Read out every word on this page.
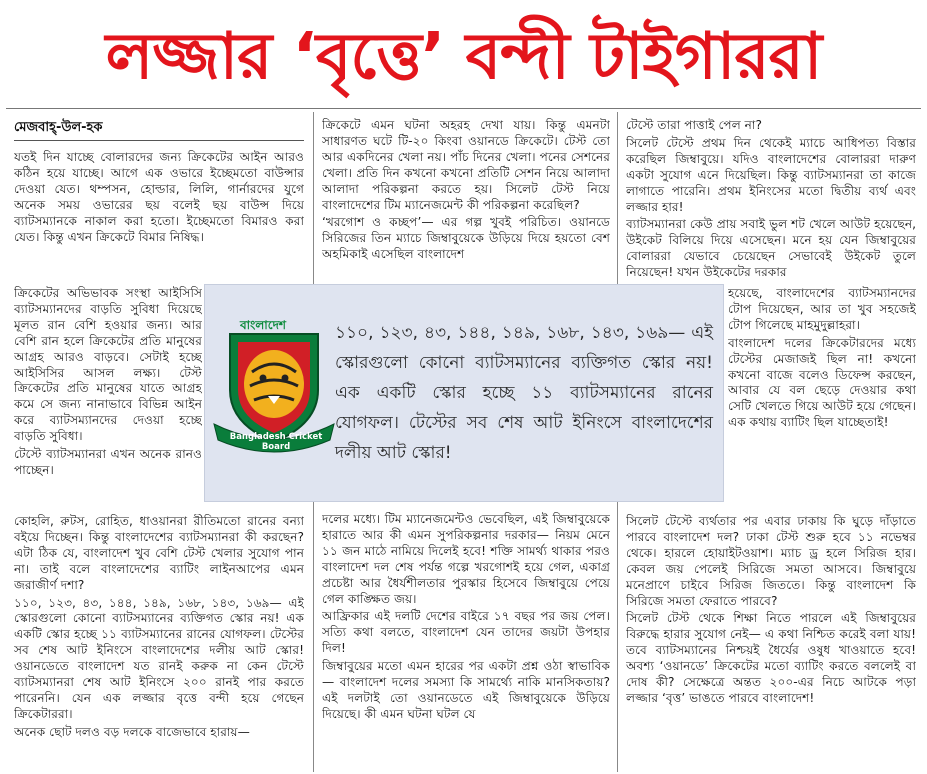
লজ্জার ‘বৃত্তে’ বন্দী টাইগাররা
মেজবাহ্-উল-হক

যতই দিন যাচ্ছে বোলারদের জন্য ক্রিকেটের আইন আরও কঠিন হয়ে যাচ্ছে। আগে এক ওভারে ইচ্ছেমতো বাউন্সার দেওয়া যেত। থম্পসন, হোল্ডার, লিলি, গার্নারদের যুগে অনেক সময় ওভারের ছয় বলেই ছয় বাউন্স দিয়ে ব্যাটসম্যানকে নাকাল করা হতো। ইচ্ছেমতো বিমারও করা যেত। কিন্তু এখন ক্রিকেটে বিমার নিষিদ্ধ।

ক্রিকেটের অভিভাবক সংস্থা আইসিসি ব্যাটসম্যানদের বাড়তি সুবিধা দিয়েছে মূলত রান বেশি হওয়ার জন্য। আর বেশি রান হলে ক্রিকেটের প্রতি মানুষের আগ্রহ আরও বাড়বে। সেটাই হচ্ছে আইসিসির আসল লক্ষ্য। টেস্ট ক্রিকেটের প্রতি মানুষের যাতে আগ্রহ কমে সে জন্য নানাভাবে বিভিন্ন আইন করে ব্যাটসম্যানদের দেওয়া হচ্ছে বাড়তি সুবিধা।

টেস্টে ব্যাটসম্যানরা এখন অনেক রানও পাচ্ছেন।

কোহলি, রুটস, রোহিত, ধাওয়ানরা রীতিমতো রানের বন্যা বইয়ে দিচ্ছেন। কিন্তু বাংলাদেশের ব্যাটসম্যানরা কী করছেন? এটা ঠিক যে, বাংলাদেশ খুব বেশি টেস্ট খেলার সুযোগ পান না। তাই বলে বাংলাদেশের ব্যাটিং লাইনআপের এমন জরাজীর্ণ দশা?

১১০, ১২৩, ৪৩, ১৪৪, ১৪৯, ১৬৮, ১৪৩, ১৬৯— এই স্কোরগুলো কোনো ব্যাটসম্যানের ব্যক্তিগত স্কোর নয়! এক একটি স্কোর হচ্ছে ১১ ব্যাটসম্যানের রানের যোগফল। টেস্টের সব শেষ আট ইনিংসে বাংলাদেশের দলীয় আট স্কোর! ওয়ানডেতে বাংলাদেশ যত রানই করুক না কেন টেস্টে ব্যাটসম্যানরা শেষ আট ইনিংসে ২০০ রানই পার করতে পারেননি। যেন এক লজ্জার বৃত্তে বন্দী হয়ে গেছেন ক্রিকেটাররা।

অনেক ছোট দলও বড় দলকে বাজেভাবে হারায়—

ক্রিকেটে এমন ঘটনা অহরহ দেখা যায়। কিন্তু এমনটা সাধারণত ঘটে টি-২০ কিংবা ওয়ানডে ক্রিকেটে। টেস্ট তো আর একদিনের খেলা নয়। পাঁচ দিনের খেলা। পনের সেশনের খেলা। প্রতি দিন কখনো কখনো প্রতিটি সেশন নিয়ে আলাদা আলাদা পরিকল্পনা করতে হয়। সিলেট টেস্ট নিয়ে বাংলাদেশের টিম ম্যানেজমেন্ট কী পরিকল্পনা করেছিল?

‘খরগোশ ও কচ্ছপ’— এর গল্প খুবই পরিচিত। ওয়ানডে সিরিজের তিন ম্যাচে জিম্বাবুয়েকে উড়িয়ে দিয়ে হয়তো বেশ অহমিকাই এসেছিল বাংলাদেশ

দলের মধ্যে। টিম ম্যানেজমেন্টও ভেবেছিল, এই জিম্বাবুয়েকে হারাতে আর কী এমন সুপরিকল্পনার দরকার— নিয়ম মেনে ১১ জন মাঠে নামিয়ে দিলেই হবে! শক্তি সামর্থ্য থাকার পরও বাংলাদেশ দল শেষ পর্যন্ত গল্পে খরগোশই হয়ে গেল, একাগ্র প্রচেষ্টা আর ধৈর্যশীলতার পুরস্কার হিসেবে জিম্বাবুয়ে পেয়ে গেল কাঙ্ক্ষিত জয়।

আফ্রিকার এই দলটি দেশের বাইরে ১৭ বছর পর জয় পেল। সত্যি কথা বলতে, বাংলাদেশ যেন তাদের জয়টা উপহার দিল!

জিম্বাবুয়ের মতো এমন হারের পর একটা প্রশ্ন ওঠা স্বাভাবিক— বাংলাদেশ দলের সমস্যা কি সামর্থ্যে নাকি মানসিকতায়? এই দলটাই তো ওয়ানডেতে এই জিম্বাবুয়েকে উড়িয়ে দিয়েছে। কী এমন ঘটনা ঘটল যে

টেস্টে তারা পাত্তাই পেল না?

সিলেট টেস্টে প্রথম দিন থেকেই ম্যাচে আধিপত্য বিস্তার করেছিল জিম্বাবুয়ে। যদিও বাংলাদেশের বোলাররা দারুণ একটা সুযোগ এনে দিয়েছিল। কিন্তু ব্যাটসম্যানরা তা কাজে লাগাতে পারেনি। প্রথম ইনিংসের মতো দ্বিতীয় ব্যর্থ এবং লজ্জার হার!

ব্যাটসম্যানরা কেউ প্রায় সবাই ভুল শট খেলে আউট হয়েছেন, উইকেট বিলিয়ে দিয়ে এসেছেন। মনে হয় যেন জিম্বাবুয়ের বোলাররা যেভাবে চেয়েছেন সেভাবেই উইকেট তুলে নিয়েছেন! যখন উইকেটের দরকার

হয়েছে, বাংলাদেশের ব্যাটসম্যানদের টোপ দিয়েছেন, আর তা খুব সহজেই টোপ গিলেছে মাহমুদুল্লাহরা।

বাংলাদেশ দলের ক্রিকেটারদের মধ্যে টেস্টের মেজাজই ছিল না! কখনো কখনো বাজে বলেও ডিফেন্স করছেন, আবার যে বল ছেড়ে দেওয়ার কথা সেটি খেলতে গিয়ে আউট হয়ে গেছেন। এক কথায় ব্যাটিং ছিল যাচ্ছেতাই!

সিলেট টেস্টে ব্যর্থতার পর এবার ঢাকায় কি ঘুড়ে দাঁড়াতে পারবে বাংলাদেশ দল? ঢাকা টেস্ট শুরু হবে ১১ নভেম্বর থেকে। হারলে হোয়াইটওয়াশ। ম্যাচ ড্র হলে সিরিজ হার। কেবল জয় পেলেই সিরিজে সমতা আসবে। জিম্বাবুয়ে মনেপ্রাণে চাইবে সিরিজ জিততে। কিন্তু বাংলাদেশ কি সিরিজে সমতা ফেরাতে পারবে?

সিলেট টেস্ট থেকে শিক্ষা নিতে পারলে এই জিম্বাবুয়ের বিরুদ্ধে হারার সুযোগ নেই— এ কথা নিশ্চিত করেই বলা যায়! তবে ব্যাটসম্যানের নিশ্চয়ই ধৈর্যের ওষুধ খাওয়াতে হবে! অবশ্য ‘ওয়ানডে’ ক্রিকেটের মতো ব্যাটিং করতে বললেই বা দোষ কী? সেক্ষেত্রে অন্তত ২০০-এর নিচে আটকে পড়া লজ্জার ‘বৃত্ত’ ভাঙতে পারবে বাংলাদেশ!

Bangladesh Cricket Board
বাংলাদেশ	১১০, ১২৩, ৪৩, ১৪৪, ১৪৯, ১৬৮, ১৪৩, ১৬৯— এই স্কোরগুলো কোনো ব্যাটসম্যানের ব্যক্তিগত স্কোর নয়! এক একটি স্কোর হচ্ছে ১১ ব্যাটসম্যানের রানের যোগফল। টেস্টের সব শেষ আট ইনিংসে বাংলাদেশের দলীয় আট স্কোর!
